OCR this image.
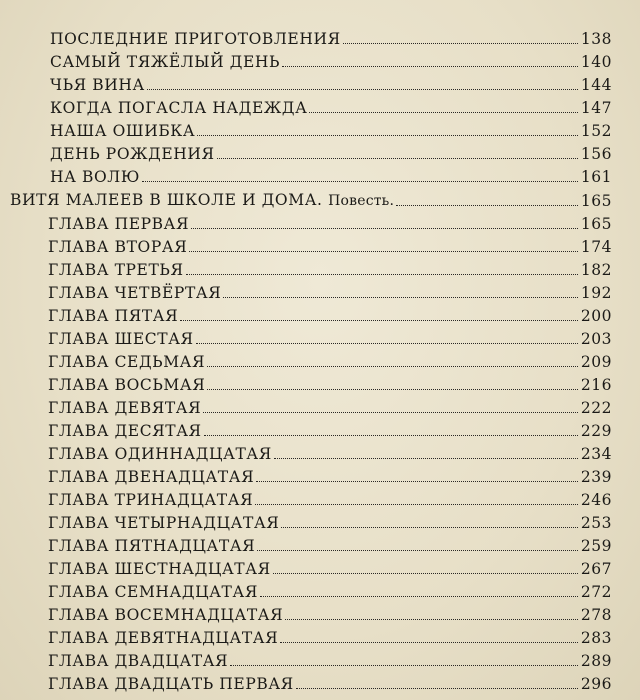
ПОСЛЕДНИЕ ПРИГОТОВЛЕНИЯ	138
САМЫЙ ТЯЖЁЛЫЙ ДЕНЬ	140
ЧЬЯ ВИНА	144
КОГДА ПОГАСЛА НАДЕЖДА	147
НАША ОШИБКА	152
ДЕНЬ РОЖДЕНИЯ	156
НА ВОЛЮ	161
ВИТЯ МАЛЕЕВ В ШКОЛЕ И ДОМА. Повесть.	165
ГЛАВА ПЕРВАЯ	165
ГЛАВА ВТОРАЯ	174
ГЛАВА ТРЕТЬЯ	182
ГЛАВА ЧЕТВЁРТАЯ	192
ГЛАВА ПЯТАЯ	200
ГЛАВА ШЕСТАЯ	203
ГЛАВА СЕДЬМАЯ	209
ГЛАВА ВОСЬМАЯ	216
ГЛАВА ДЕВЯТАЯ	222
ГЛАВА ДЕСЯТАЯ	229
ГЛАВА ОДИННАДЦАТАЯ	234
ГЛАВА ДВЕНАДЦАТАЯ	239
ГЛАВА ТРИНАДЦАТАЯ	246
ГЛАВА ЧЕТЫРНАДЦАТАЯ	253
ГЛАВА ПЯТНАДЦАТАЯ	259
ГЛАВА ШЕСТНАДЦАТАЯ	267
ГЛАВА СЕМНАДЦАТАЯ	272
ГЛАВА ВОСЕМНАДЦАТАЯ	278
ГЛАВА ДЕВЯТНАДЦАТАЯ	283
ГЛАВА ДВАДЦАТАЯ	289
ГЛАВА ДВАДЦАТЬ ПЕРВАЯ	296
